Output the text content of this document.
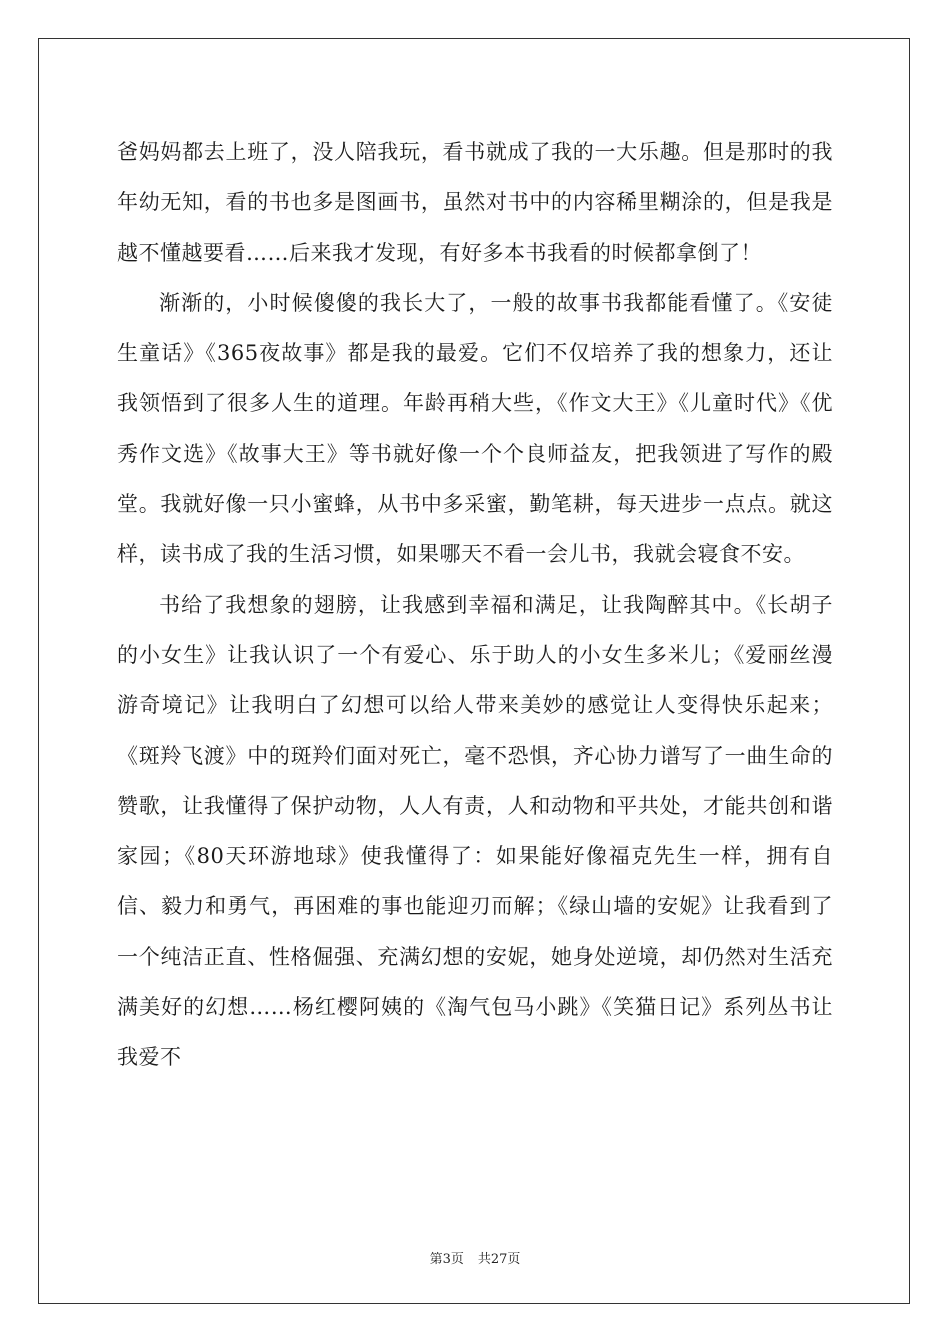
爸妈妈都去上班了，没人陪我玩，看书就成了我的一大乐趣。但是那时的我年幼无知，看的书也多是图画书，虽然对书中的内容稀里糊涂的，但是我是越不懂越要看……后来我才发现，有好多本书我看的时候都拿倒了！

渐渐的，小时候傻傻的我长大了，一般的故事书我都能看懂了。《安徒生童话》《365夜故事》都是我的最爱。它们不仅培养了我的想象力，还让我领悟到了很多人生的道理。年龄再稍大些，《作文大王》《儿童时代》《优秀作文选》《故事大王》等书就好像一个个良师益友，把我领进了写作的殿堂。我就好像一只小蜜蜂，从书中多采蜜，勤笔耕，每天进步一点点。就这样，读书成了我的生活习惯，如果哪天不看一会儿书，我就会寝食不安。

书给了我想象的翅膀，让我感到幸福和满足，让我陶醉其中。《长胡子的小女生》让我认识了一个有爱心、乐于助人的小女生多米儿；《爱丽丝漫游奇境记》让我明白了幻想可以给人带来美妙的感觉让人变得快乐起来；《斑羚飞渡》中的斑羚们面对死亡，毫不恐惧，齐心协力谱写了一曲生命的赞歌，让我懂得了保护动物，人人有责，人和动物和平共处，才能共创和谐家园；《80天环游地球》使我懂得了：如果能好像福克先生一样，拥有自信、毅力和勇气，再困难的事也能迎刃而解；《绿山墙的安妮》让我看到了一个纯洁正直、性格倔强、充满幻想的安妮，她身处逆境，却仍然对生活充满美好的幻想……杨红樱阿姨的《淘气包马小跳》《笑猫日记》系列丛书让我爱不

第3页 共27页
